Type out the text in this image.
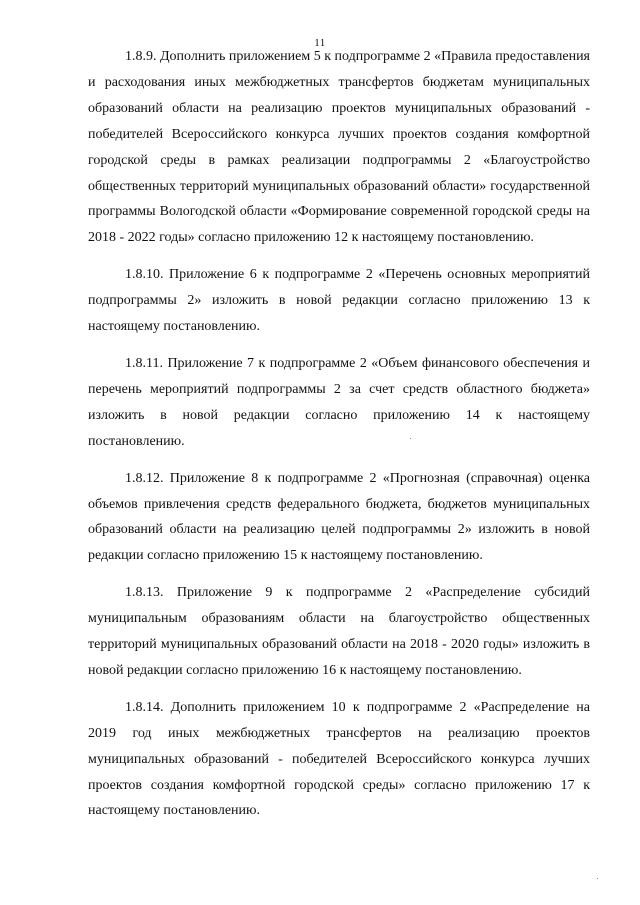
11

1.8.9. Дополнить приложением 5 к подпрограмме 2 «Правила предоставления и расходования иных межбюджетных трансфертов бюджетам муниципальных образований области на реализацию проектов муниципальных образований - победителей Всероссийского конкурса лучших проектов создания комфортной городской среды в рамках реализации подпрограммы 2 «Благоустройство общественных территорий муниципальных образований области» государственной программы Вологодской области «Формирование современной городской среды на 2018 - 2022 годы» согласно приложению 12 к настоящему постановлению.

1.8.10. Приложение 6 к подпрограмме 2 «Перечень основных мероприятий подпрограммы 2» изложить в новой редакции согласно приложению 13 к настоящему постановлению.

1.8.11. Приложение 7 к подпрограмме 2 «Объем финансового обеспечения и перечень мероприятий подпрограммы 2 за счет средств областного бюджета» изложить в новой редакции согласно приложению 14 к настоящему постановлению.

1.8.12. Приложение 8 к подпрограмме 2 «Прогнозная (справочная) оценка объемов привлечения средств федерального бюджета, бюджетов муниципальных образований области на реализацию целей подпрограммы 2» изложить в новой редакции согласно приложению 15 к настоящему постановлению.

1.8.13. Приложение 9 к подпрограмме 2 «Распределение субсидий муниципальным образованиям области на благоустройство общественных территорий муниципальных образований области на 2018 - 2020 годы» изложить в новой редакции согласно приложению 16 к настоящему постановлению.

1.8.14. Дополнить приложением 10 к подпрограмме 2 «Распределение на 2019 год иных межбюджетных трансфертов на реализацию проектов муниципальных образований - победителей Всероссийского конкурса лучших проектов создания комфортной городской среды» согласно приложению 17 к настоящему постановлению.
